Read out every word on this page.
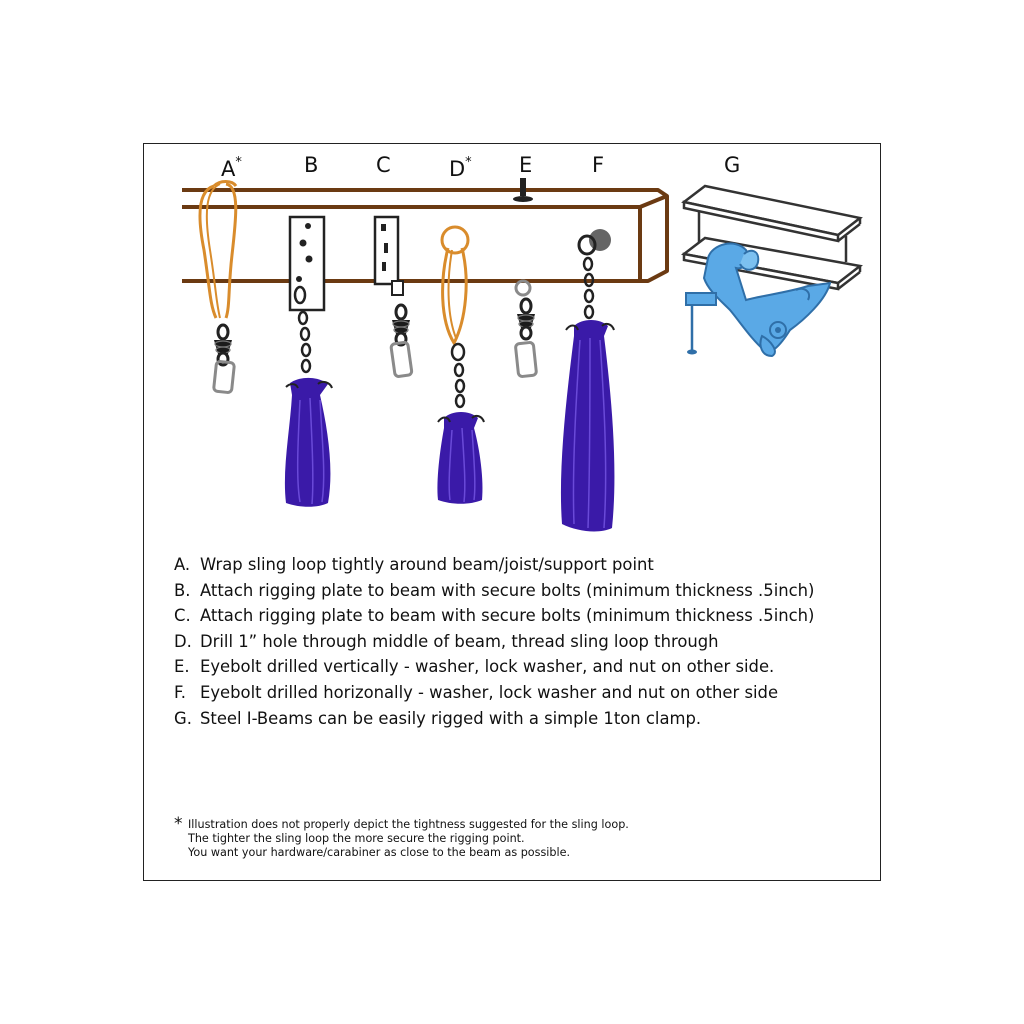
A*	B	C	D* E	F	G
A. Wrap sling loop tightly around beam/joist/support point
B. Attach rigging plate to beam with secure bolts (minimum thickness .5inch)
C. Attach rigging plate to beam with secure bolts (minimum thickness .5inch)
D. Drill 1” hole through middle of beam, thread sling loop through
E. Eyebolt drilled vertically - washer, lock washer, and nut on other side.
F. Eyebolt drilled horizonally - washer, lock washer and nut on other side
G. Steel I-Beams can be easily rigged with a simple 1ton clamp.
* Illustration does not properly depict the tightness suggested for the sling loop.
The tighter the sling loop the more secure the rigging point.
You want your hardware/carabiner as close to the beam as possible.
